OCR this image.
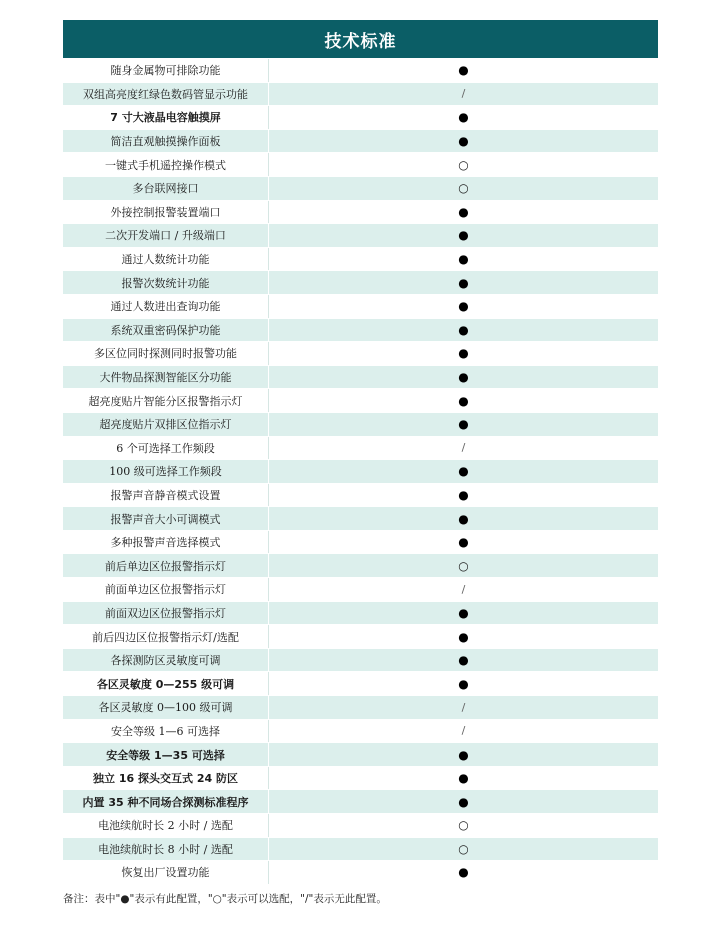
技术标准
随身金属物可排除功能	●
双组高亮度红绿色数码管显示功能	/
7 寸大液晶电容触摸屏	●
简洁直观触摸操作面板	●
一键式手机遥控操作模式	○
多台联网接口	○
外接控制报警装置端口	●
二次开发端口 / 升级端口	●
通过人数统计功能	●
报警次数统计功能	●
通过人数进出查询功能	●
系统双重密码保护功能	●
多区位同时探测同时报警功能	●
大件物品探测智能区分功能	●
超亮度贴片智能分区报警指示灯	●
超亮度贴片双排区位指示灯	●
6 个可选择工作频段	/
100 级可选择工作频段	●
报警声音静音模式设置	●
报警声音大小可调模式	●
多种报警声音选择模式	●
前后单边区位报警指示灯	○
前面单边区位报警指示灯	/
前面双边区位报警指示灯	●
前后四边区位报警指示灯/选配	●
各探测防区灵敏度可调	●
各区灵敏度 0—255 级可调	●
各区灵敏度 0—100 级可调	/
安全等级 1—6 可选择	/
安全等级 1—35 可选择	●
独立 16 探头交互式 24 防区	●
内置 35 种不同场合探测标准程序	●
电池续航时长 2 小时 / 选配	○
电池续航时长 8 小时 / 选配	○
恢复出厂设置功能	●
备注：表中"●"表示有此配置，"○"表示可以选配，"/"表示无此配置。
